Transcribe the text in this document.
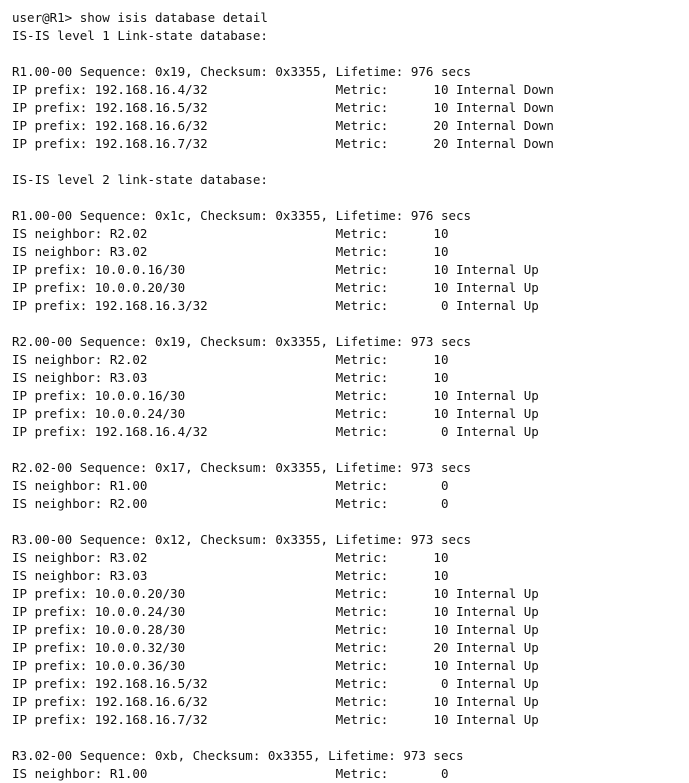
user@R1> show isis database detail
IS-IS level 1 Link-state database:
R1.00-00 Sequence: 0x19, Checksum: 0x3355, Lifetime: 976 secs
IP prefix: 192.168.16.4/32                 Metric:      10 Internal Down
IP prefix: 192.168.16.5/32                 Metric:      10 Internal Down
IP prefix: 192.168.16.6/32                 Metric:      20 Internal Down
IP prefix: 192.168.16.7/32                 Metric:      20 Internal Down
IS-IS level 2 link-state database:
R1.00-00 Sequence: 0x1c, Checksum: 0x3355, Lifetime: 976 secs
IS neighbor: R2.02                         Metric:      10
IS neighbor: R3.02                         Metric:      10
IP prefix: 10.0.0.16/30                    Metric:      10 Internal Up
IP prefix: 10.0.0.20/30                    Metric:      10 Internal Up
IP prefix: 192.168.16.3/32                 Metric:       0 Internal Up
R2.00-00 Sequence: 0x19, Checksum: 0x3355, Lifetime: 973 secs
IS neighbor: R2.02                         Metric:      10
IS neighbor: R3.03                         Metric:      10
IP prefix: 10.0.0.16/30                    Metric:      10 Internal Up
IP prefix: 10.0.0.24/30                    Metric:      10 Internal Up
IP prefix: 192.168.16.4/32                 Metric:       0 Internal Up
R2.02-00 Sequence: 0x17, Checksum: 0x3355, Lifetime: 973 secs
IS neighbor: R1.00                         Metric:       0
IS neighbor: R2.00                         Metric:       0
R3.00-00 Sequence: 0x12, Checksum: 0x3355, Lifetime: 973 secs
IS neighbor: R3.02                         Metric:      10
IS neighbor: R3.03                         Metric:      10
IP prefix: 10.0.0.20/30                    Metric:      10 Internal Up
IP prefix: 10.0.0.24/30                    Metric:      10 Internal Up
IP prefix: 10.0.0.28/30                    Metric:      10 Internal Up
IP prefix: 10.0.0.32/30                    Metric:      20 Internal Up
IP prefix: 10.0.0.36/30                    Metric:      10 Internal Up
IP prefix: 192.168.16.5/32                 Metric:       0 Internal Up
IP prefix: 192.168.16.6/32                 Metric:      10 Internal Up
IP prefix: 192.168.16.7/32                 Metric:      10 Internal Up
R3.02-00 Sequence: 0xb, Checksum: 0x3355, Lifetime: 973 secs
IS neighbor: R1.00                         Metric:       0
